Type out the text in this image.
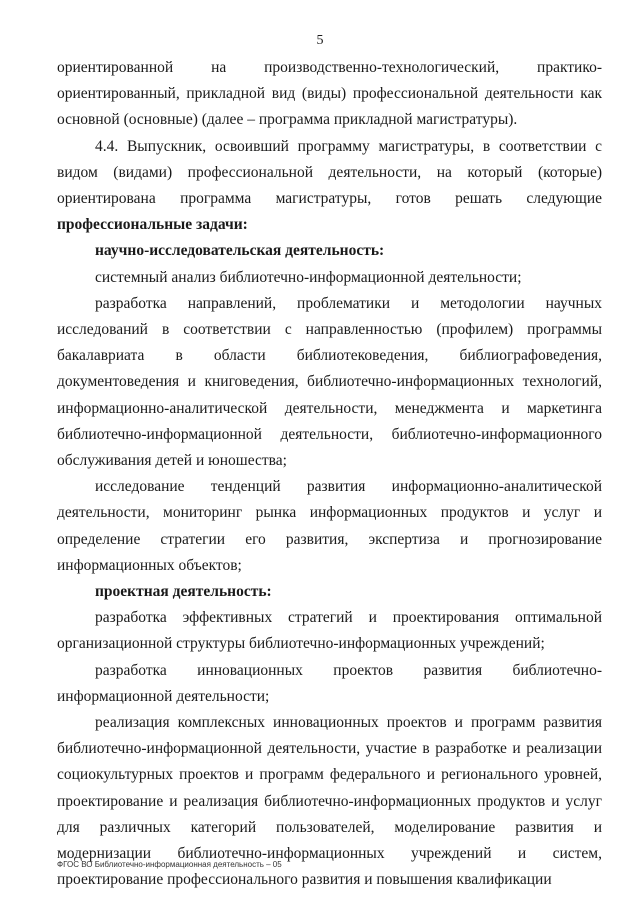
5

ориентированной на производственно-технологический, практико-ориентированный, прикладной вид (виды) профессиональной деятельности как основной (основные) (далее – программа прикладной магистратуры).

4.4. Выпускник, освоивший программу магистратуры, в соответствии с видом (видами) профессиональной деятельности, на который (которые) ориентирована программа магистратуры, готов решать следующие профессиональные задачи:

научно-исследовательская деятельность:

системный анализ библиотечно-информационной деятельности;

разработка направлений, проблематики и методологии научных исследований в соответствии с направленностью (профилем) программы бакалавриата в области библиотековедения, библиографоведения, документоведения и книговедения, библиотечно-информационных технологий, информационно-аналитической деятельности, менеджмента и маркетинга библиотечно-информационной деятельности, библиотечно-информационного обслуживания детей и юношества;

исследование тенденций развития информационно-аналитической деятельности, мониторинг рынка информационных продуктов и услуг и определение стратегии его развития, экспертиза и прогнозирование информационных объектов;

проектная деятельность:

разработка эффективных стратегий и проектирования оптимальной организационной структуры библиотечно-информационных учреждений;

разработка инновационных проектов развития библиотечно-информационной деятельности;

реализация комплексных инновационных проектов и программ развития библиотечно-информационной деятельности, участие в разработке и реализации социокультурных проектов и программ федерального и регионального уровней, проектирование и реализация библиотечно-информационных продуктов и услуг для различных категорий пользователей, моделирование развития и модернизации библиотечно-информационных учреждений и систем, проектирование профессионального развития и повышения квалификации

ФГОС ВО Библиотечно-информационная деятельность – 05
